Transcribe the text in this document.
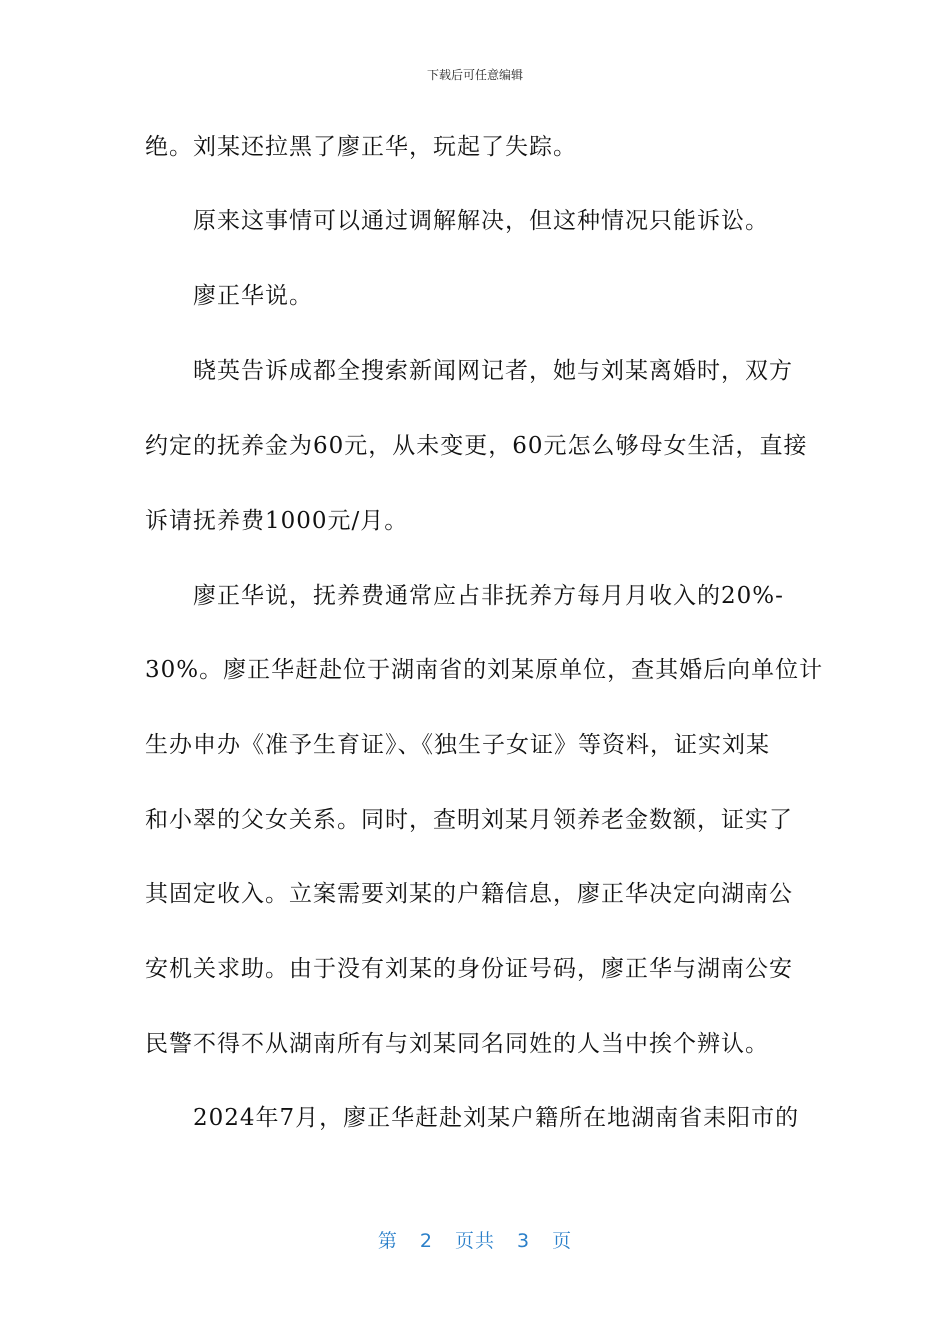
下载后可任意编辑
绝。刘某还拉黑了廖正华，玩起了失踪。
原来这事情可以通过调解解决，但这种情况只能诉讼。
廖正华说。
晓英告诉成都全搜索新闻网记者，她与刘某离婚时，双方
约定的抚养金为60元，从未变更，60元怎么够母女生活，直接
诉请抚养费1000元/月。
廖正华说，抚养费通常应占非抚养方每月月收入的20%-
30%。廖正华赶赴位于湖南省的刘某原单位，查其婚后向单位计
生办申办《准予生育证》、《独生子女证》等资料，证实刘某
和小翠的父女关系。同时，查明刘某月领养老金数额，证实了
其固定收入。立案需要刘某的户籍信息，廖正华决定向湖南公
安机关求助。由于没有刘某的身份证号码，廖正华与湖南公安
民警不得不从湖南所有与刘某同名同姓的人当中挨个辨认。
2024年7月，廖正华赶赴刘某户籍所在地湖南省耒阳市的
第 2 页共 3 页
